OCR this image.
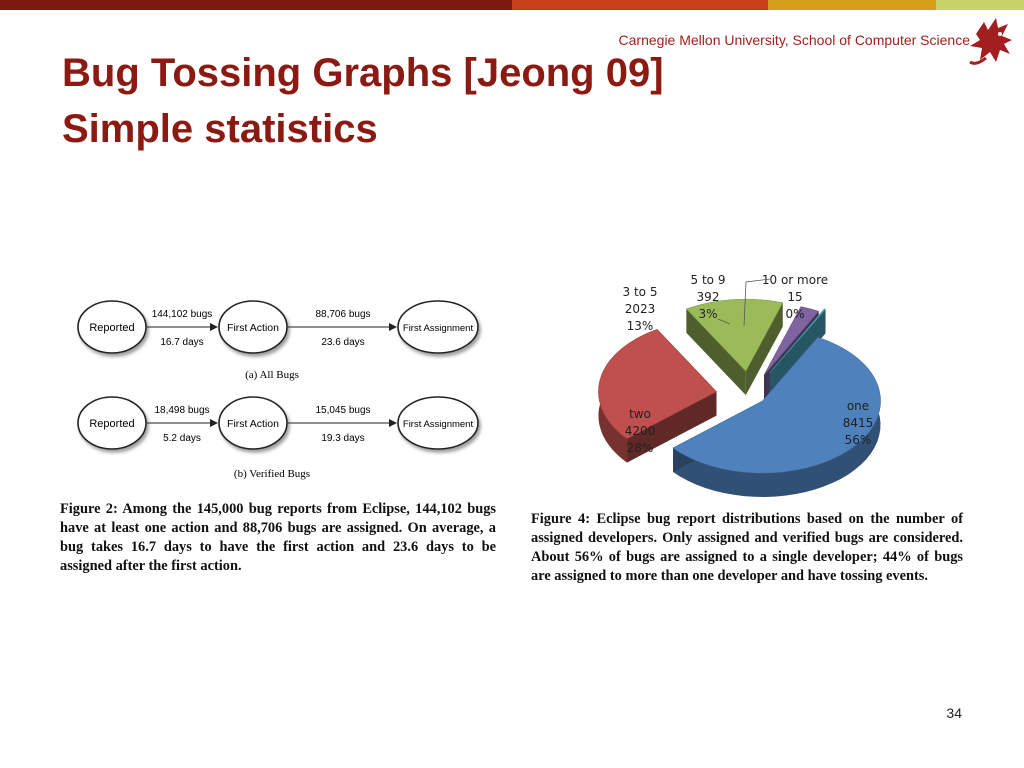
Carnegie Mellon University, School of Computer Science
Bug Tossing Graphs [Jeong 09]
Simple statistics
Reported	First Action	First Assignment
144,102 bugs
16.7 days
88,706 bugs
23.6 days
(a) All Bugs
Reported	First Action	First Assignment
18,498 bugs
5.2 days
15,045 bugs
19.3 days
(b) Verified Bugs
Figure 2: Among the 145,000 bug reports from Eclipse, 144,102 bugs have at least one action and 88,706 bugs are assigned. On average, a bug takes 16.7 days to have the first action and 23.6 days to be assigned after the first action.
one
8415
56%
two
4200
28%
3 to 5
2023
13%
5 to 9
392
3%
10 or more
15
0%
Figure 4: Eclipse bug report distributions based on the number of assigned developers. Only assigned and verified bugs are considered. About 56% of bugs are assigned to a single developer; 44% of bugs are assigned to more than one developer and have tossing events.
34
